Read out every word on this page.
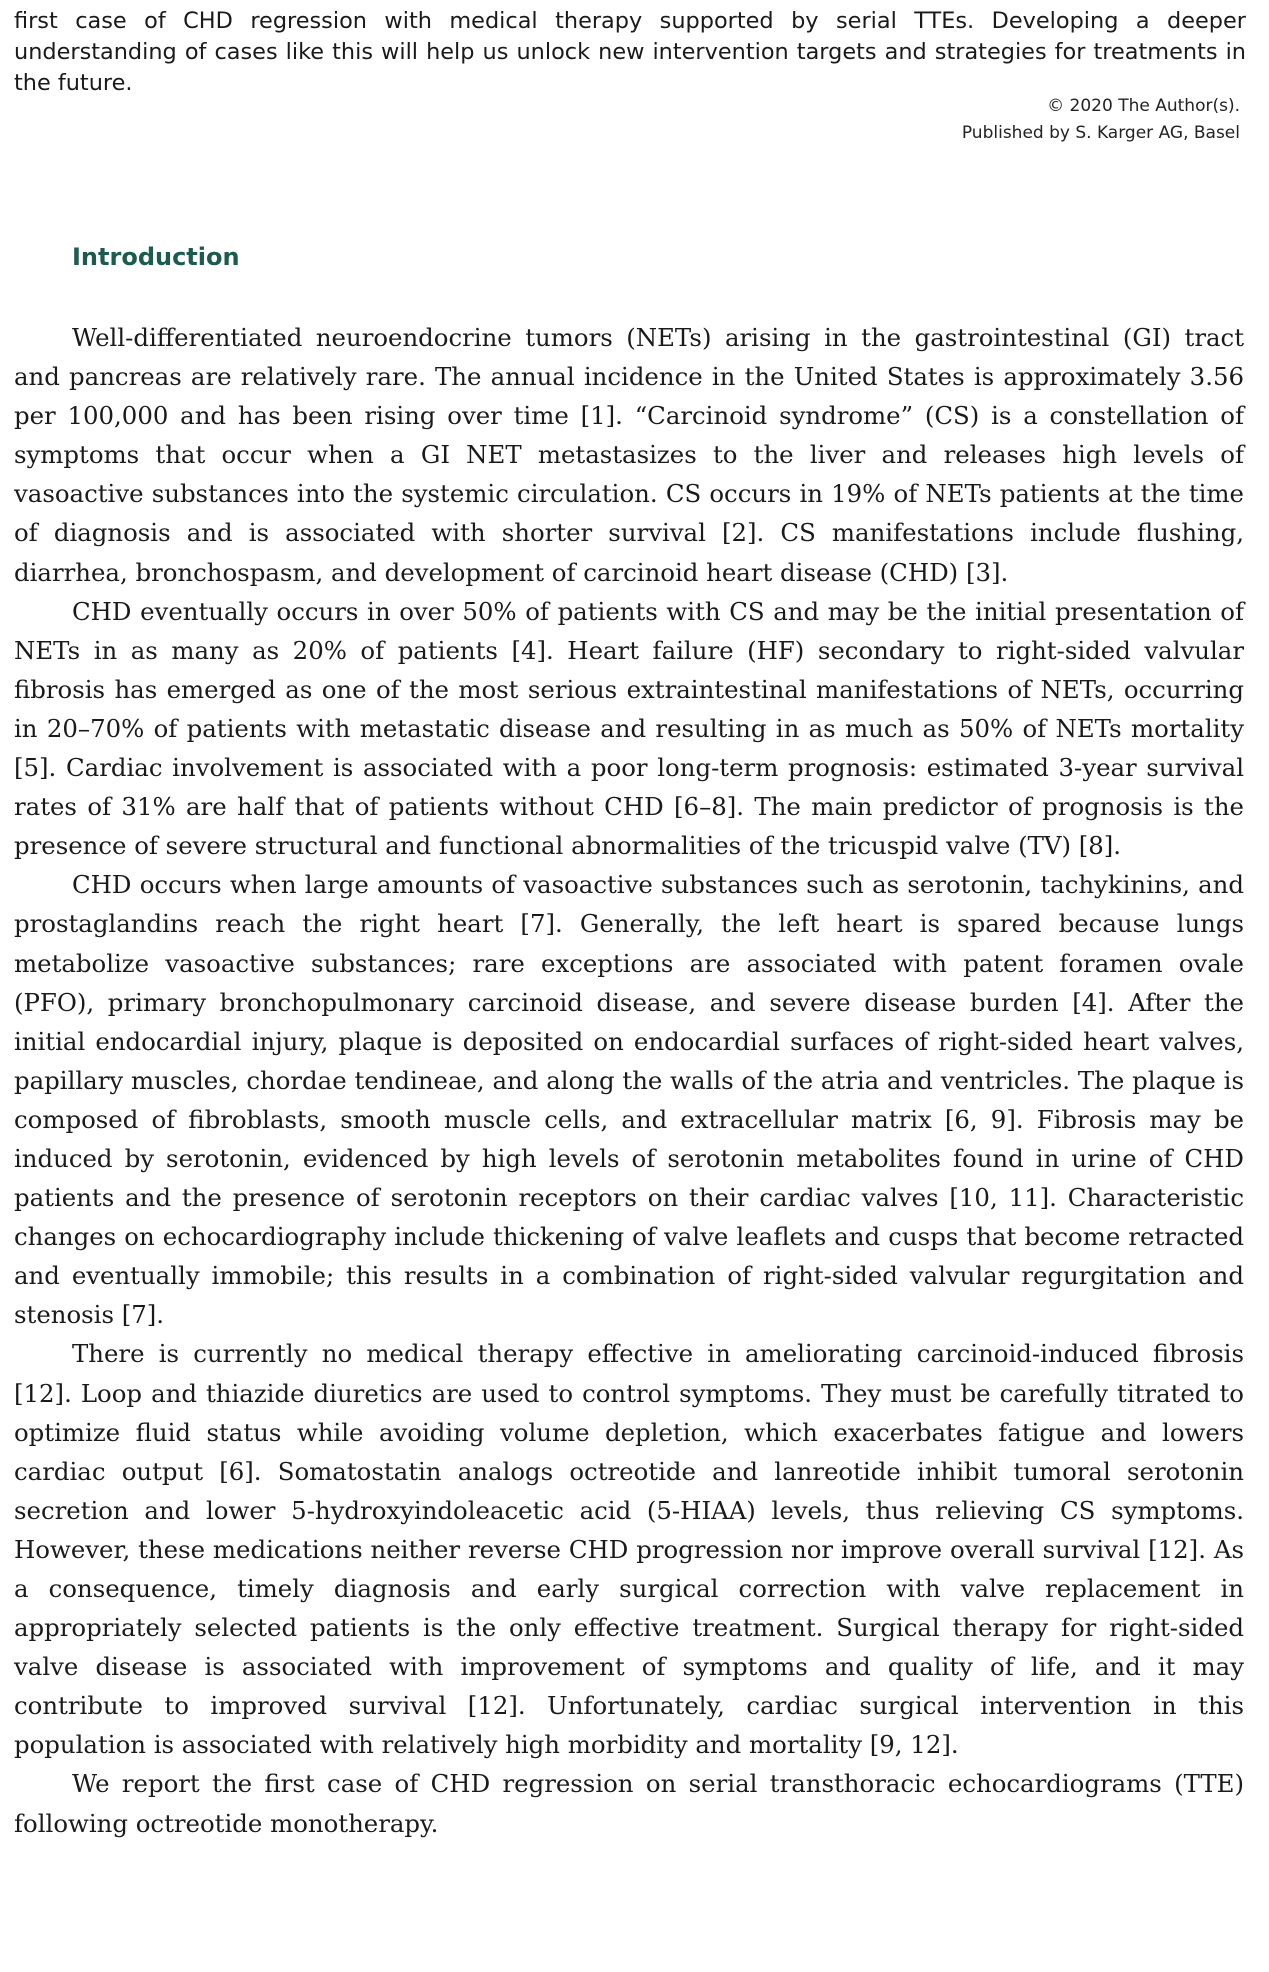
first case of CHD regression with medical therapy supported by serial TTEs. Developing a deeper understanding of cases like this will help us unlock new intervention targets and strategies for treatments in the future.

© 2020 The Author(s).
Published by S. Karger AG, Basel
Introduction

Well-differentiated neuroendocrine tumors (NETs) arising in the gastrointestinal (GI) tract and pancreas are relatively rare. The annual incidence in the United States is approximately 3.56 per 100,000 and has been rising over time [1]. “Carcinoid syndrome” (CS) is a constellation of symptoms that occur when a GI NET metastasizes to the liver and releases high levels of vasoactive substances into the systemic circulation. CS occurs in 19% of NETs patients at the time of diagnosis and is associated with shorter survival [2]. CS manifestations include flushing, diarrhea, bronchospasm, and development of carcinoid heart disease (CHD) [3].

CHD eventually occurs in over 50% of patients with CS and may be the initial presentation of NETs in as many as 20% of patients [4]. Heart failure (HF) secondary to right-sided valvular fibrosis has emerged as one of the most serious extraintestinal manifestations of NETs, occurring in 20–70% of patients with metastatic disease and resulting in as much as 50% of NETs mortality [5]. Cardiac involvement is associated with a poor long-term prognosis: estimated 3-year survival rates of 31% are half that of patients without CHD [6–8]. The main predictor of prognosis is the presence of severe structural and functional abnormalities of the tricuspid valve (TV) [8].

CHD occurs when large amounts of vasoactive substances such as serotonin, tachykinins, and prostaglandins reach the right heart [7]. Generally, the left heart is spared because lungs metabolize vasoactive substances; rare exceptions are associated with patent foramen ovale (PFO), primary bronchopulmonary carcinoid disease, and severe disease burden [4]. After the initial endocardial injury, plaque is deposited on endocardial surfaces of right-sided heart valves, papillary muscles, chordae tendineae, and along the walls of the atria and ventricles. The plaque is composed of fibroblasts, smooth muscle cells, and extracellular matrix [6, 9]. Fibrosis may be induced by serotonin, evidenced by high levels of serotonin metabolites found in urine of CHD patients and the presence of serotonin receptors on their cardiac valves [10, 11]. Characteristic changes on echocardiography include thickening of valve leaflets and cusps that become retracted and eventually immobile; this results in a combination of right-sided valvular regurgitation and stenosis [7].

There is currently no medical therapy effective in ameliorating carcinoid-induced fibrosis [12]. Loop and thiazide diuretics are used to control symptoms. They must be carefully titrated to optimize fluid status while avoiding volume depletion, which exacerbates fatigue and lowers cardiac output [6]. Somatostatin analogs octreotide and lanreotide inhibit tumoral serotonin secretion and lower 5-hydroxyindoleacetic acid (5-HIAA) levels, thus relieving CS symptoms. However, these medications neither reverse CHD progression nor improve overall survival [12]. As a consequence, timely diagnosis and early surgical correction with valve replacement in appropriately selected patients is the only effective treatment. Surgical therapy for right-sided valve disease is associated with improvement of symptoms and quality of life, and it may contribute to improved survival [12]. Unfortunately, cardiac surgical intervention in this population is associated with relatively high morbidity and mortality [9, 12].

We report the first case of CHD regression on serial transthoracic echocardiograms (TTE) following octreotide monotherapy.
